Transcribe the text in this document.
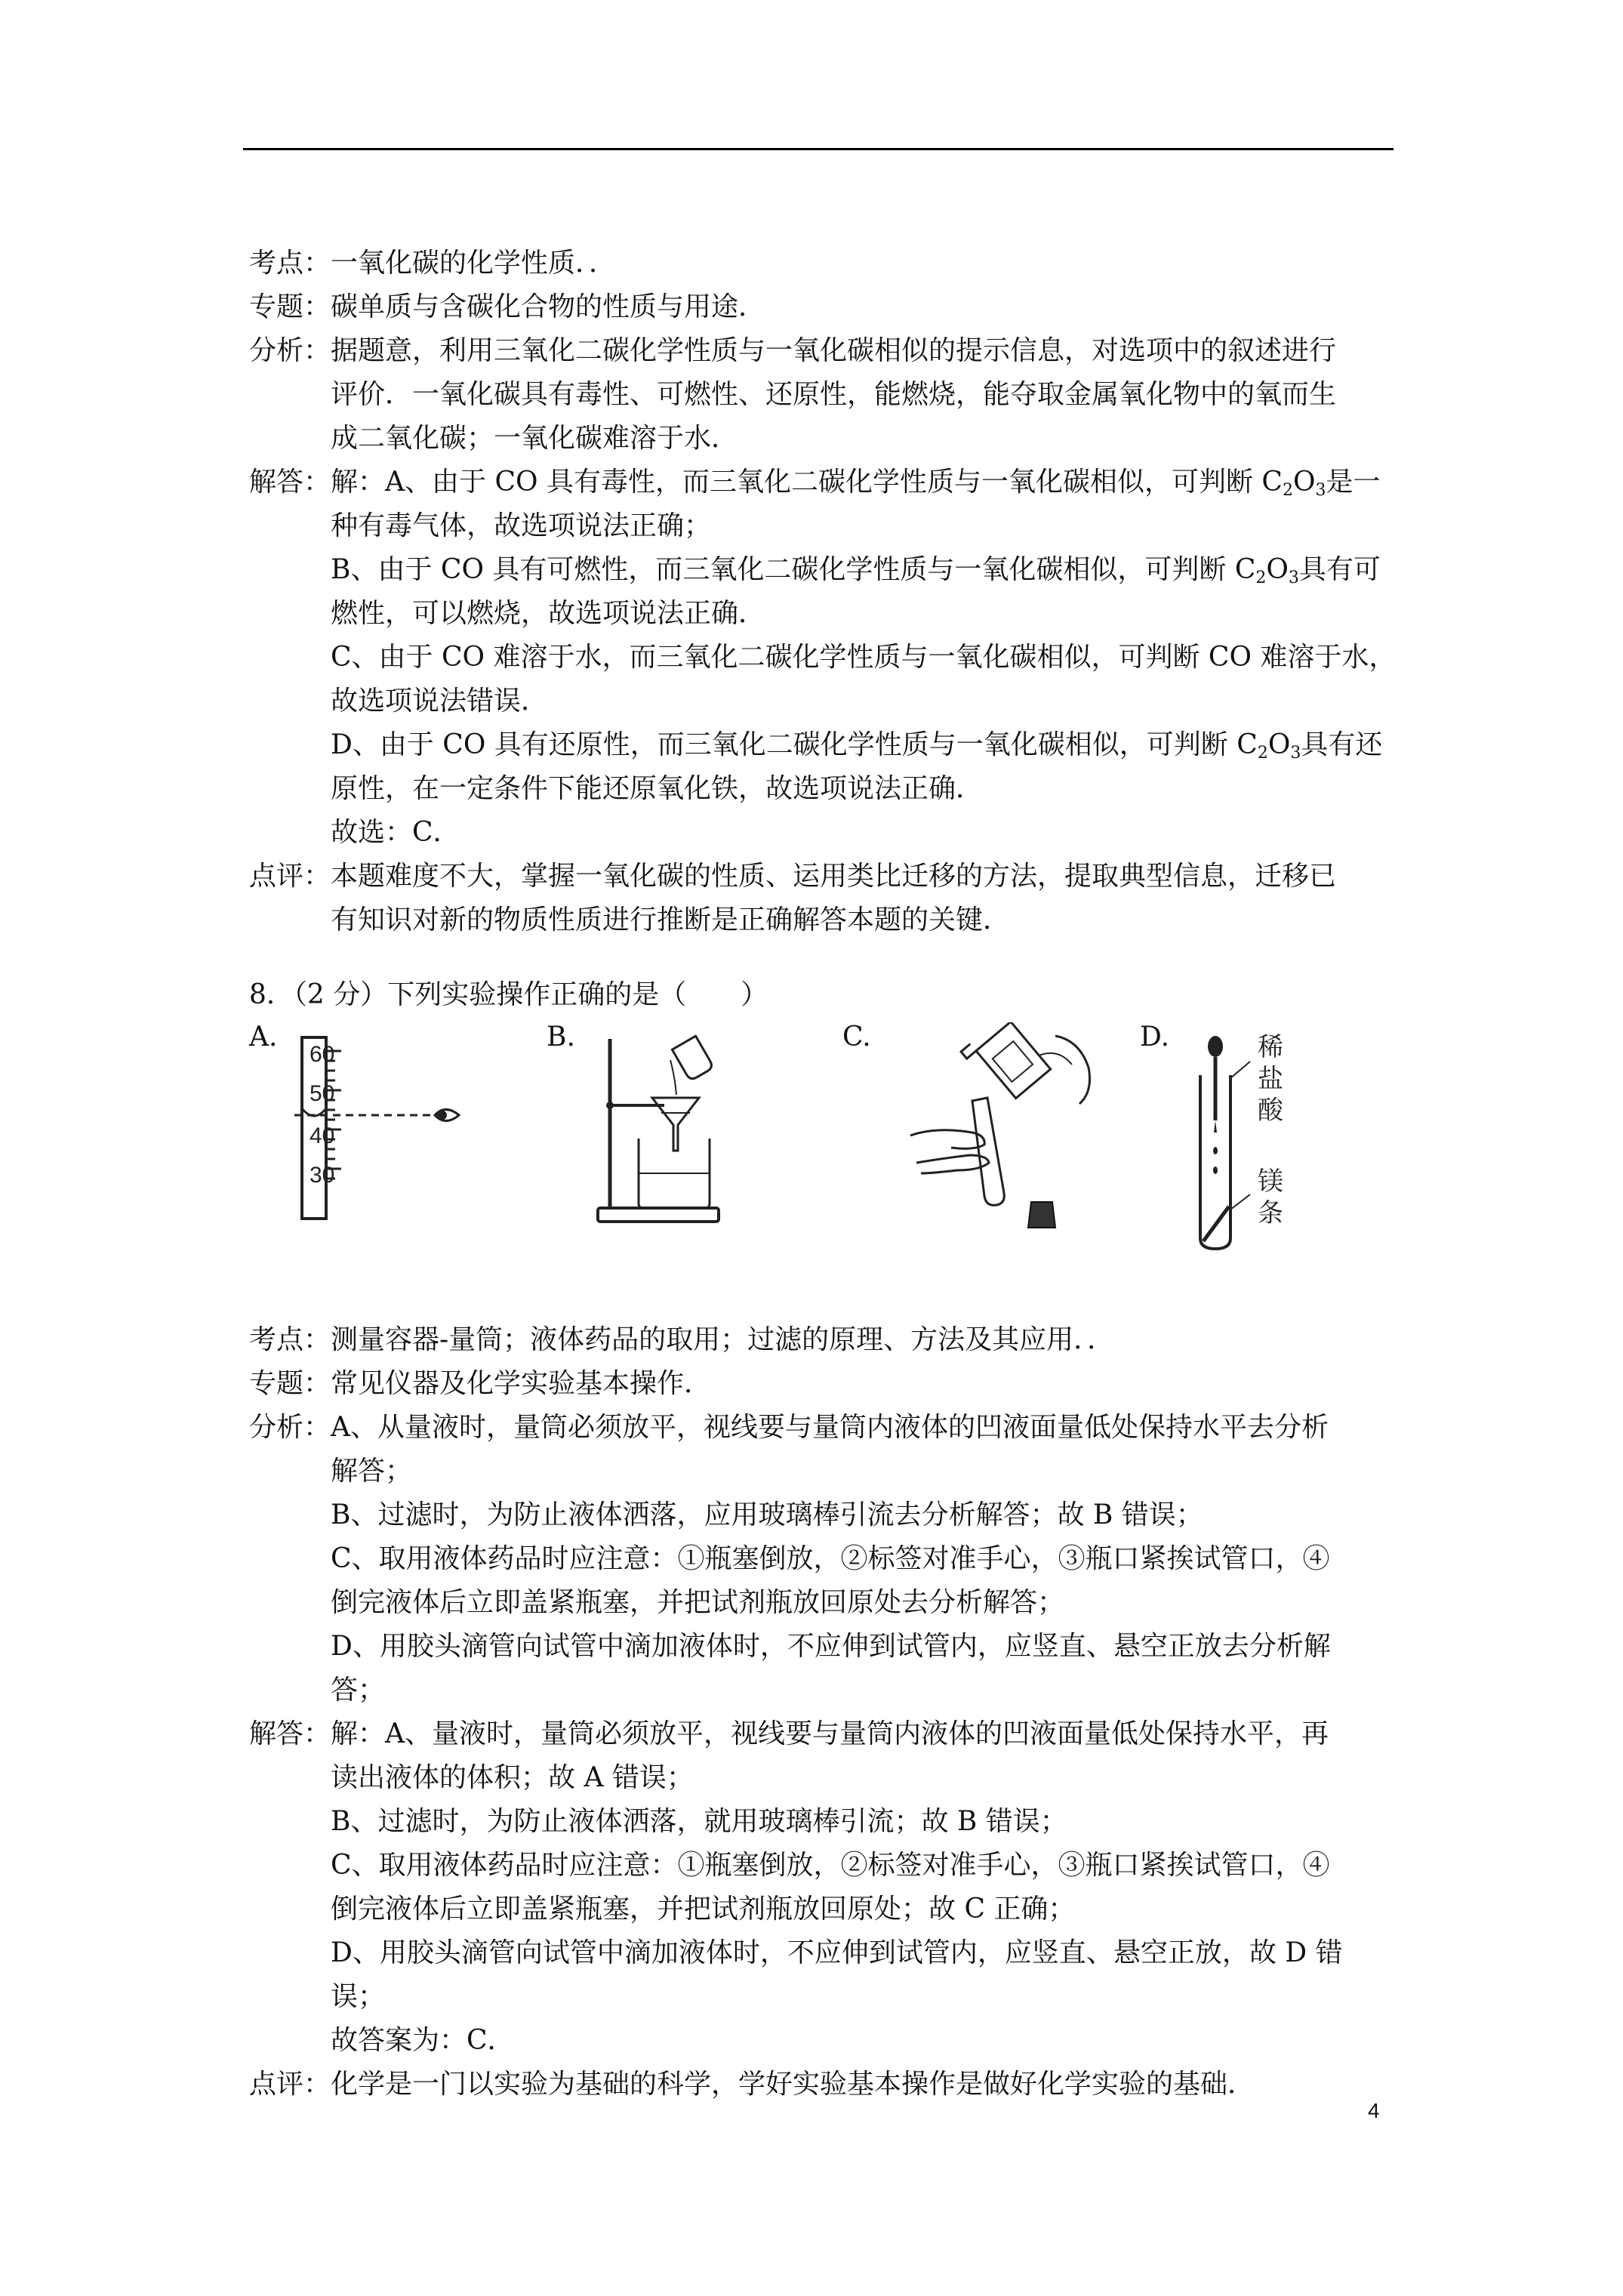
考点： 一氧化碳的化学性质．．
专题： 碳单质与含碳化合物的性质与用途．
分析： 据题意，利用三氧化二碳化学性质与一氧化碳相似的提示信息，对选项中的叙述进行
评价．一氧化碳具有毒性、可燃性、还原性，能燃烧，能夺取金属氧化物中的氧而生
成二氧化碳；一氧化碳难溶于水．
解答： 解：A、由于 CO 具有毒性，而三氧化二碳化学性质与一氧化碳相似，可判断 $C_2O_3$是一
种有毒气体，故选项说法正确；
B、由于 CO 具有可燃性，而三氧化二碳化学性质与一氧化碳相似，可判断 $C_2O_3$具有可
燃性，可以燃烧，故选项说法正确．
C、由于 CO 难溶于水，而三氧化二碳化学性质与一氧化碳相似，可判断 CO 难溶于水，
故选项说法错误．
D、由于 CO 具有还原性，而三氧化二碳化学性质与一氧化碳相似，可判断 $C_2O_3$具有还
原性，在一定条件下能还原氧化铁，故选项说法正确．
故选：C．
点评： 本题难度不大，掌握一氧化碳的性质、运用类比迁移的方法，提取典型信息，迁移已
有知识对新的物质性质进行推断是正确解答本题的关键．
8．（2 分）下列实验操作正确的是（　　）
A.	B.	C.	D.
60
50
40
30
稀
盐
酸
镁
条
考点： 测量容器-量筒；液体药品的取用；过滤的原理、方法及其应用．．
专题： 常见仪器及化学实验基本操作．
分析： A、从量液时，量筒必须放平，视线要与量筒内液体的凹液面量低处保持水平去分析
解答；
B、过滤时，为防止液体洒落，应用玻璃棒引流去分析解答；故 B 错误；
C、取用液体药品时应注意：①瓶塞倒放，②标签对准手心，③瓶口紧挨试管口，④
倒完液体后立即盖紧瓶塞，并把试剂瓶放回原处去分析解答；
D、用胶头滴管向试管中滴加液体时，不应伸到试管内，应竖直、悬空正放去分析解
答；
解答： 解：A、量液时，量筒必须放平，视线要与量筒内液体的凹液面量低处保持水平，再
读出液体的体积；故 A 错误；
B、过滤时，为防止液体洒落，就用玻璃棒引流；故 B 错误；
C、取用液体药品时应注意：①瓶塞倒放，②标签对准手心，③瓶口紧挨试管口，④
倒完液体后立即盖紧瓶塞，并把试剂瓶放回原处；故 C 正确；
D、用胶头滴管向试管中滴加液体时，不应伸到试管内，应竖直、悬空正放，故 D 错
误；
故答案为：C．
点评： 化学是一门以实验为基础的科学，学好实验基本操作是做好化学实验的基础．
4
